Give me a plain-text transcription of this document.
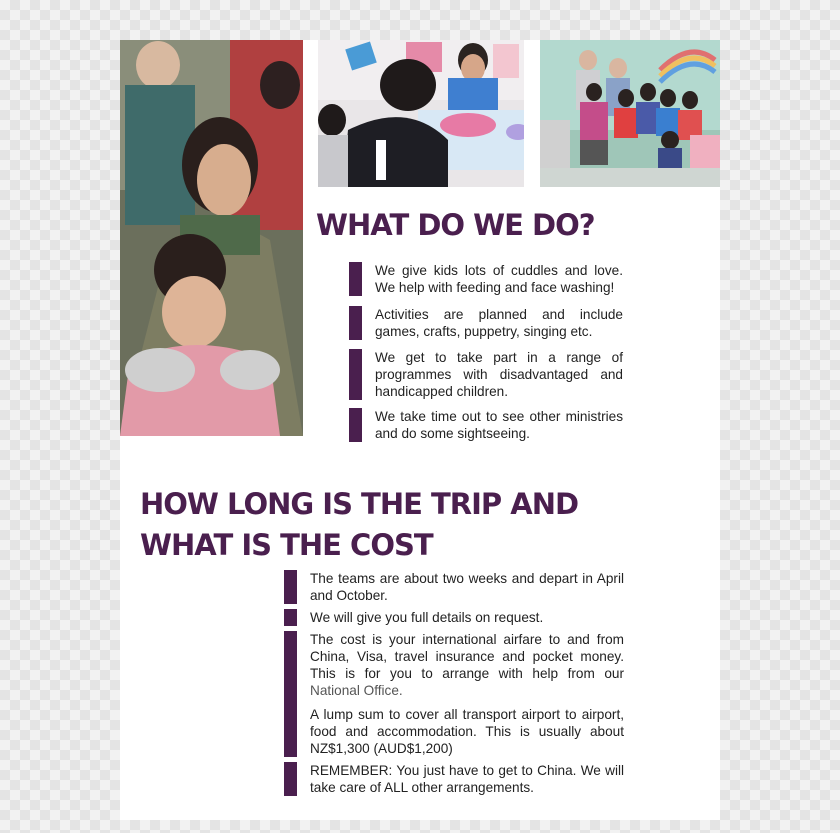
WHAT DO WE DO?
We give kids lots of cuddles and love. We help with feeding and face washing!
Activities are planned and include games, crafts, puppetry, singing etc.
We get to take part in a range of programmes with disadvantaged and handicapped children.
We take time out to see other ministries and do some sightseeing.
HOW LONG IS THE TRIP AND WHAT IS THE COST
The teams are about two weeks and depart in April and October.
We will give you full details on request.
The cost is your international airfare to and from China, Visa, travel insurance and pocket money. This is for you to arrange with help from our National Office.
A lump sum to cover all transport airport to airport, food and accommodation. This is usually about NZ$1,300 (AUD$1,200)
REMEMBER: You just have to get to China. We will take care of ALL other arrangements.
